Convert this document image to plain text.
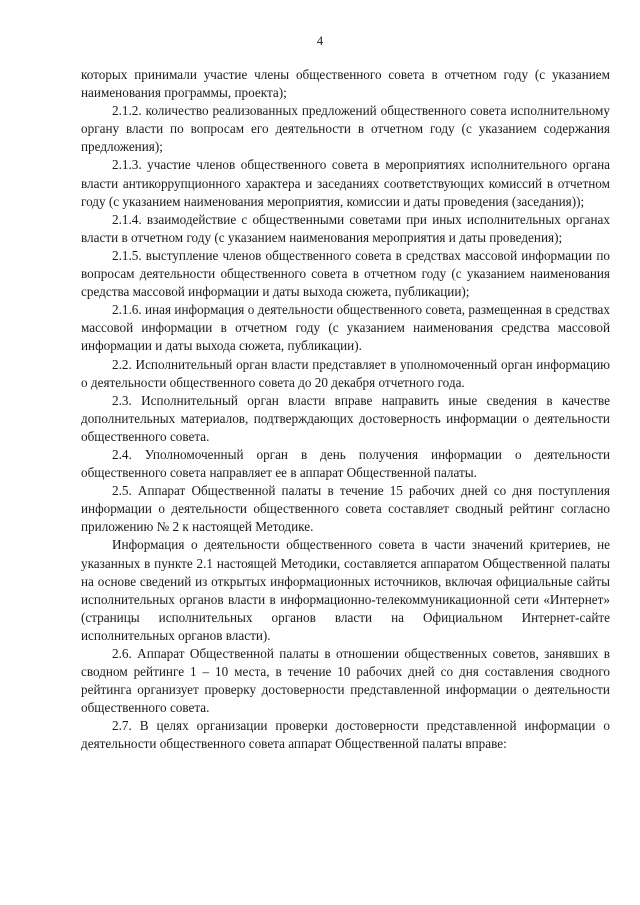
4

которых принимали участие члены общественного совета в отчетном году (с указанием наименования программы, проекта);

2.1.2. количество реализованных предложений общественного совета исполнительному органу власти по вопросам его деятельности в отчетном году (с указанием содержания предложения);

2.1.3. участие членов общественного совета в мероприятиях исполнительного органа власти антикоррупционного характера и заседаниях соответствующих комиссий в отчетном году (с указанием наименования мероприятия, комиссии и даты проведения (заседания));

2.1.4. взаимодействие с общественными советами при иных исполнительных органах власти в отчетном году (с указанием наименования мероприятия и даты проведения);

2.1.5. выступление членов общественного совета в средствах массовой информации по вопросам деятельности общественного совета в отчетном году (с указанием наименования средства массовой информации и даты выхода сюжета, публикации);

2.1.6. иная информация о деятельности общественного совета, размещенная в средствах массовой информации в отчетном году (с указанием наименования средства массовой информации и даты выхода сюжета, публикации).

2.2. Исполнительный орган власти представляет в уполномоченный орган информацию о деятельности общественного совета до 20 декабря отчетного года.

2.3. Исполнительный орган власти вправе направить иные сведения в качестве дополнительных материалов, подтверждающих достоверность информации о деятельности общественного совета.

2.4. Уполномоченный орган в день получения информации о деятельности общественного совета направляет ее в аппарат Общественной палаты.

2.5. Аппарат Общественной палаты в течение 15 рабочих дней со дня поступления информации о деятельности общественного совета составляет сводный рейтинг согласно приложению № 2 к настоящей Методике.

Информация о деятельности общественного совета в части значений критериев, не указанных в пункте 2.1 настоящей Методики, составляется аппаратом Общественной палаты на основе сведений из открытых информационных источников, включая официальные сайты исполнительных органов власти в информационно-телекоммуникационной сети «Интернет» (страницы исполнительных органов власти на Официальном Интернет-сайте исполнительных органов власти).

2.6. Аппарат Общественной палаты в отношении общественных советов, занявших в сводном рейтинге 1 – 10 места, в течение 10 рабочих дней со дня составления сводного рейтинга организует проверку достоверности представленной информации о деятельности общественного совета.

2.7. В целях организации проверки достоверности представленной информации о деятельности общественного совета аппарат Общественной палаты вправе:
